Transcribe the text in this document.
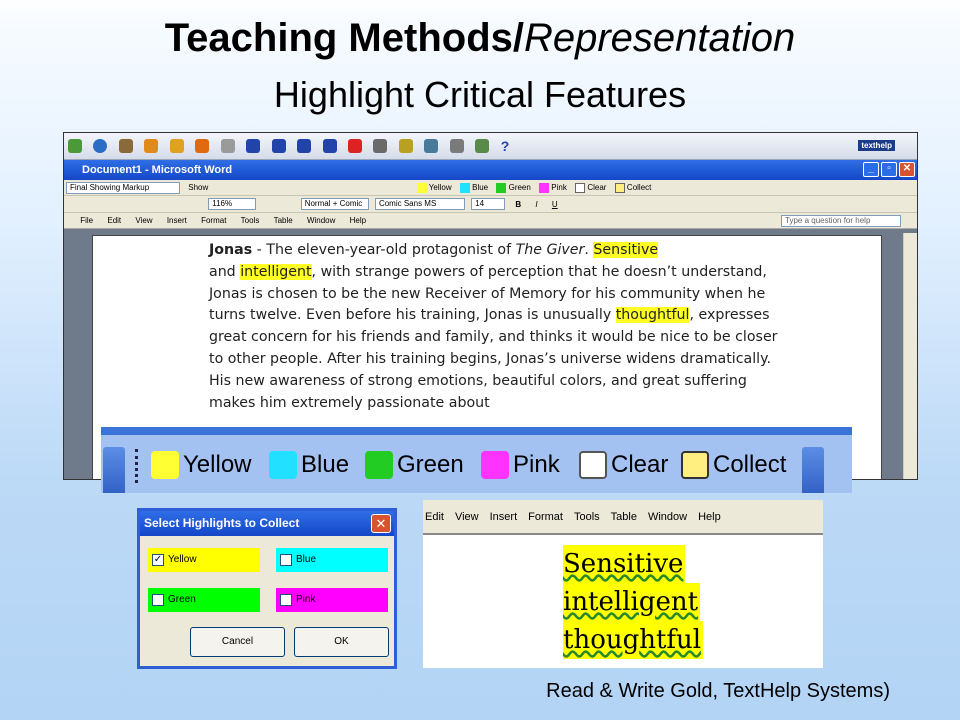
Teaching Methods/Representation
Highlight Critical Features
?	texthelp
Document1 - Microsoft Word	_	▫	✕
Final Showing Markup	Show	Yellow	Blue	Green	Pink	Clear	Collect
116%	Normal + Comic Comic Sans MS	14	B I U
File Edit View Insert Format Tools Table Window Help	Type a question for help
Jonas - The eleven-year-old protagonist of The Giver. Sensitive
and intelligent, with strange powers of perception that he doesn’t understand, Jonas is chosen to be the new Receiver of Memory for his community when he turns twelve. Even before his training, Jonas is unusually thoughtful, expresses great concern for his friends and family, and thinks it would be nice to be closer to other people. After his training begins, Jonas’s universe widens dramatically. His new awareness of strong emotions, beautiful colors, and great suffering makes him extremely passionate about
Yellow	Blue	Green	Pink	Clear	Collect
Select Highlights to Collect	✕
✓ Yellow	Blue
Green	Pink
Cancel	OK
Edit View Insert Format Tools Table Window Help
Sensitive
intelligent
thoughtful
Read & Write Gold, TextHelp Systems)
